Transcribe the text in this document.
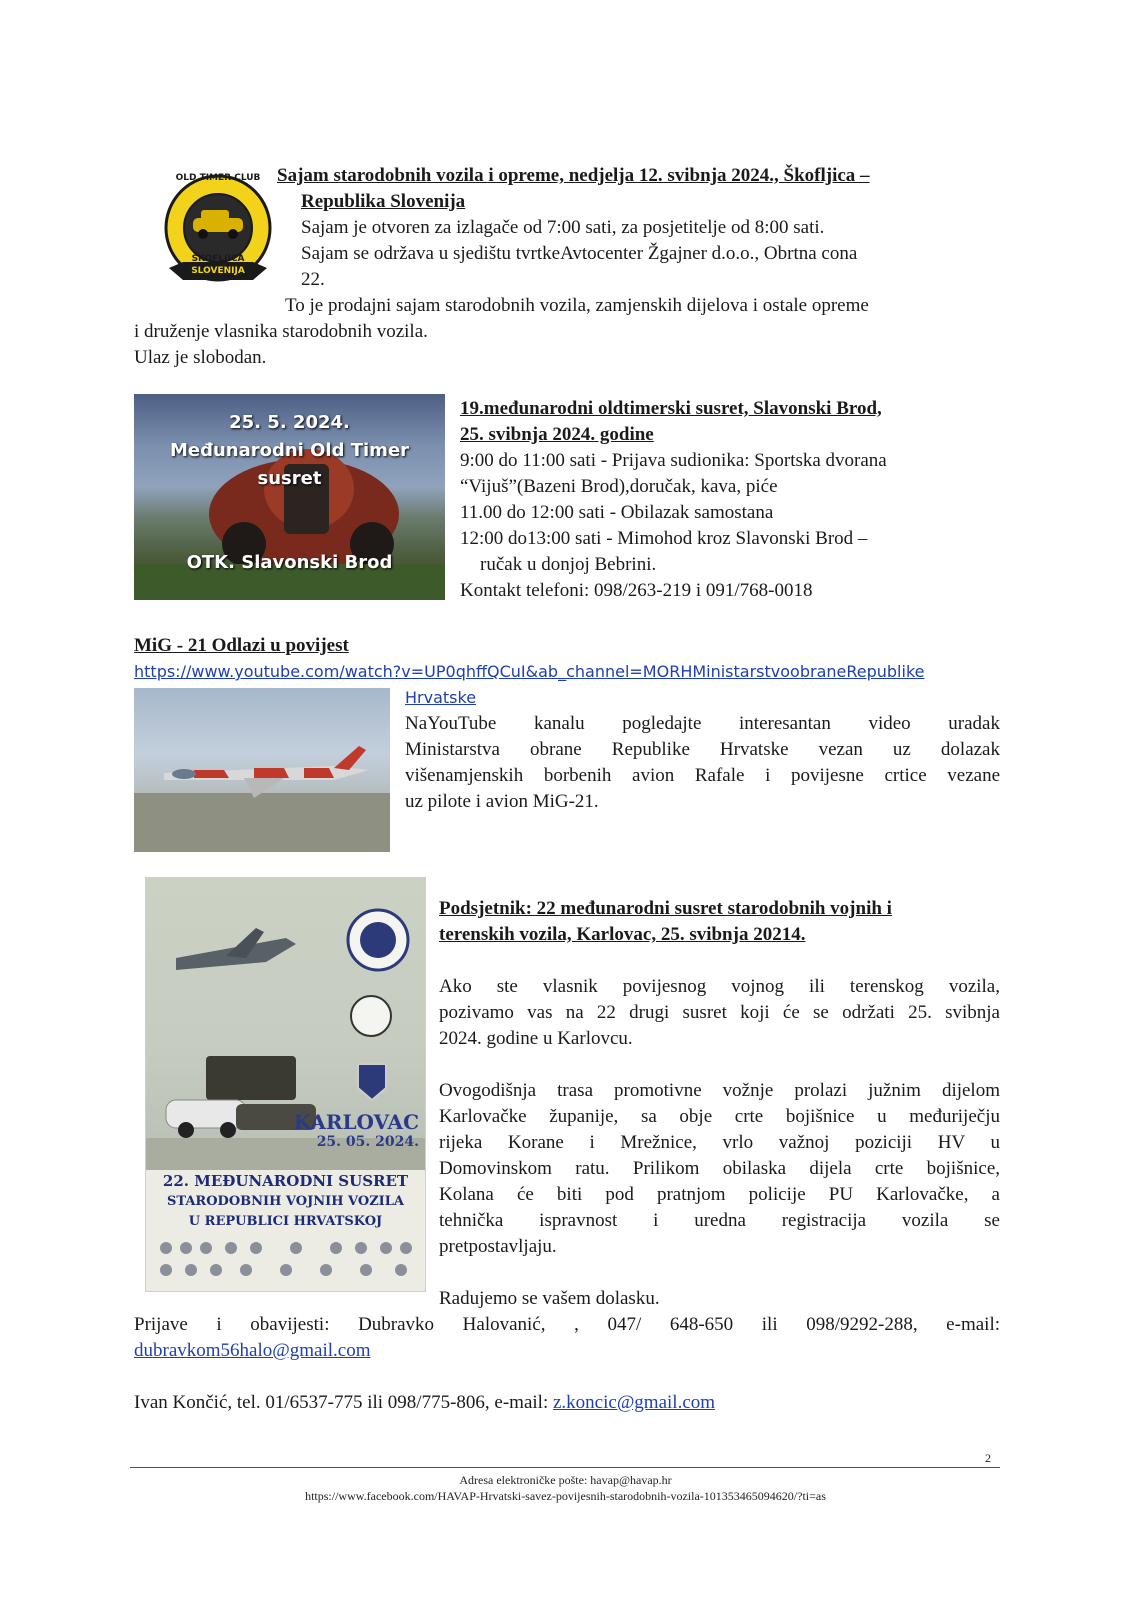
OLD TIMER CLUB
ŠKOFLJICA
SLOVENIJA
Sajam starodobnih vozila i opreme, nedjelja 12. svibnja 2024., Škofljica –
Republika Slovenija
Sajam je otvoren za izlagače od 7:00 sati, za posjetitelje od 8:00 sati.
Sajam se održava u sjedištu tvrtkeAvtocenter Žgajner d.o.o., Obrtna cona
22.
To je prodajni sajam starodobnih vozila, zamjenskih dijelova i ostale opreme
i druženje vlasnika starodobnih vozila.
Ulaz je slobodan.
25. 5. 2024.
Međunarodni Old Timer
susret
OTK. Slavonski Brod
19.međunarodni oldtimerski susret, Slavonski Brod,
25. svibnja 2024. godine
9:00 do 11:00 sati - Prijava sudionika: Sportska dvorana
“Vijuš”(Bazeni Brod),doručak, kava, piće
11.00 do 12:00 sati - Obilazak samostana
12:00 do13:00 sati - Mimohod kroz Slavonski Brod –
ručak u donjoj Bebrini.
Kontakt telefoni: 098/263-219 i 091/768-0018
MiG - 21 Odlazi u povijest
https://www.youtube.com/watch?v=UP0qhffQCuI&ab_channel=MORHMinistarstvoobraneRepublike
Hrvatske
NaYouTube kanalu pogledajte interesantan video uradak
Ministarstva obrane Republike Hrvatske vezan uz dolazak
višenamjenskih borbenih avion Rafale i povijesne crtice vezane
uz pilote i avion MiG-21.
KARLOVAC
25. 05. 2024.
22. MEĐUNARODNI SUSRET
STARODOBNIH VOJNIH VOZILA
U REPUBLICI HRVATSKOJ
Podsjetnik: 22 međunarodni susret starodobnih vojnih i
terenskih vozila, Karlovac, 25. svibnja 20214.
Ako ste vlasnik povijesnog vojnog ili terenskog vozila,
pozivamo vas na 22 drugi susret koji će se održati 25. svibnja
2024. godine u Karlovcu.
Ovogodišnja trasa promotivne vožnje prolazi južnim dijelom
Karlovačke županije, sa obje crte bojišnice u međuriječju
rijeka Korane i Mrežnice, vrlo važnoj poziciji HV u
Domovinskom ratu. Prilikom obilaska dijela crte bojišnice,
Kolana će biti pod pratnjom policije PU Karlovačke, a
tehnička ispravnost i uredna registracija vozila se
pretpostavljaju.
Radujemo se vašem dolasku.
Prijave i obavijesti: Dubravko Halovanić, , 047/ 648-650 ili 098/9292-288, e-mail:
dubravkom56halo@gmail.com
Ivan Končić, tel. 01/6537-775 ili 098/775-806, e-mail: z.koncic@gmail.com
2
Adresa elektroničke pošte: havap@havap.hr
https://www.facebook.com/HAVAP-Hrvatski-savez-povijesnih-starodobnih-vozila-101353465094620/?ti=as
